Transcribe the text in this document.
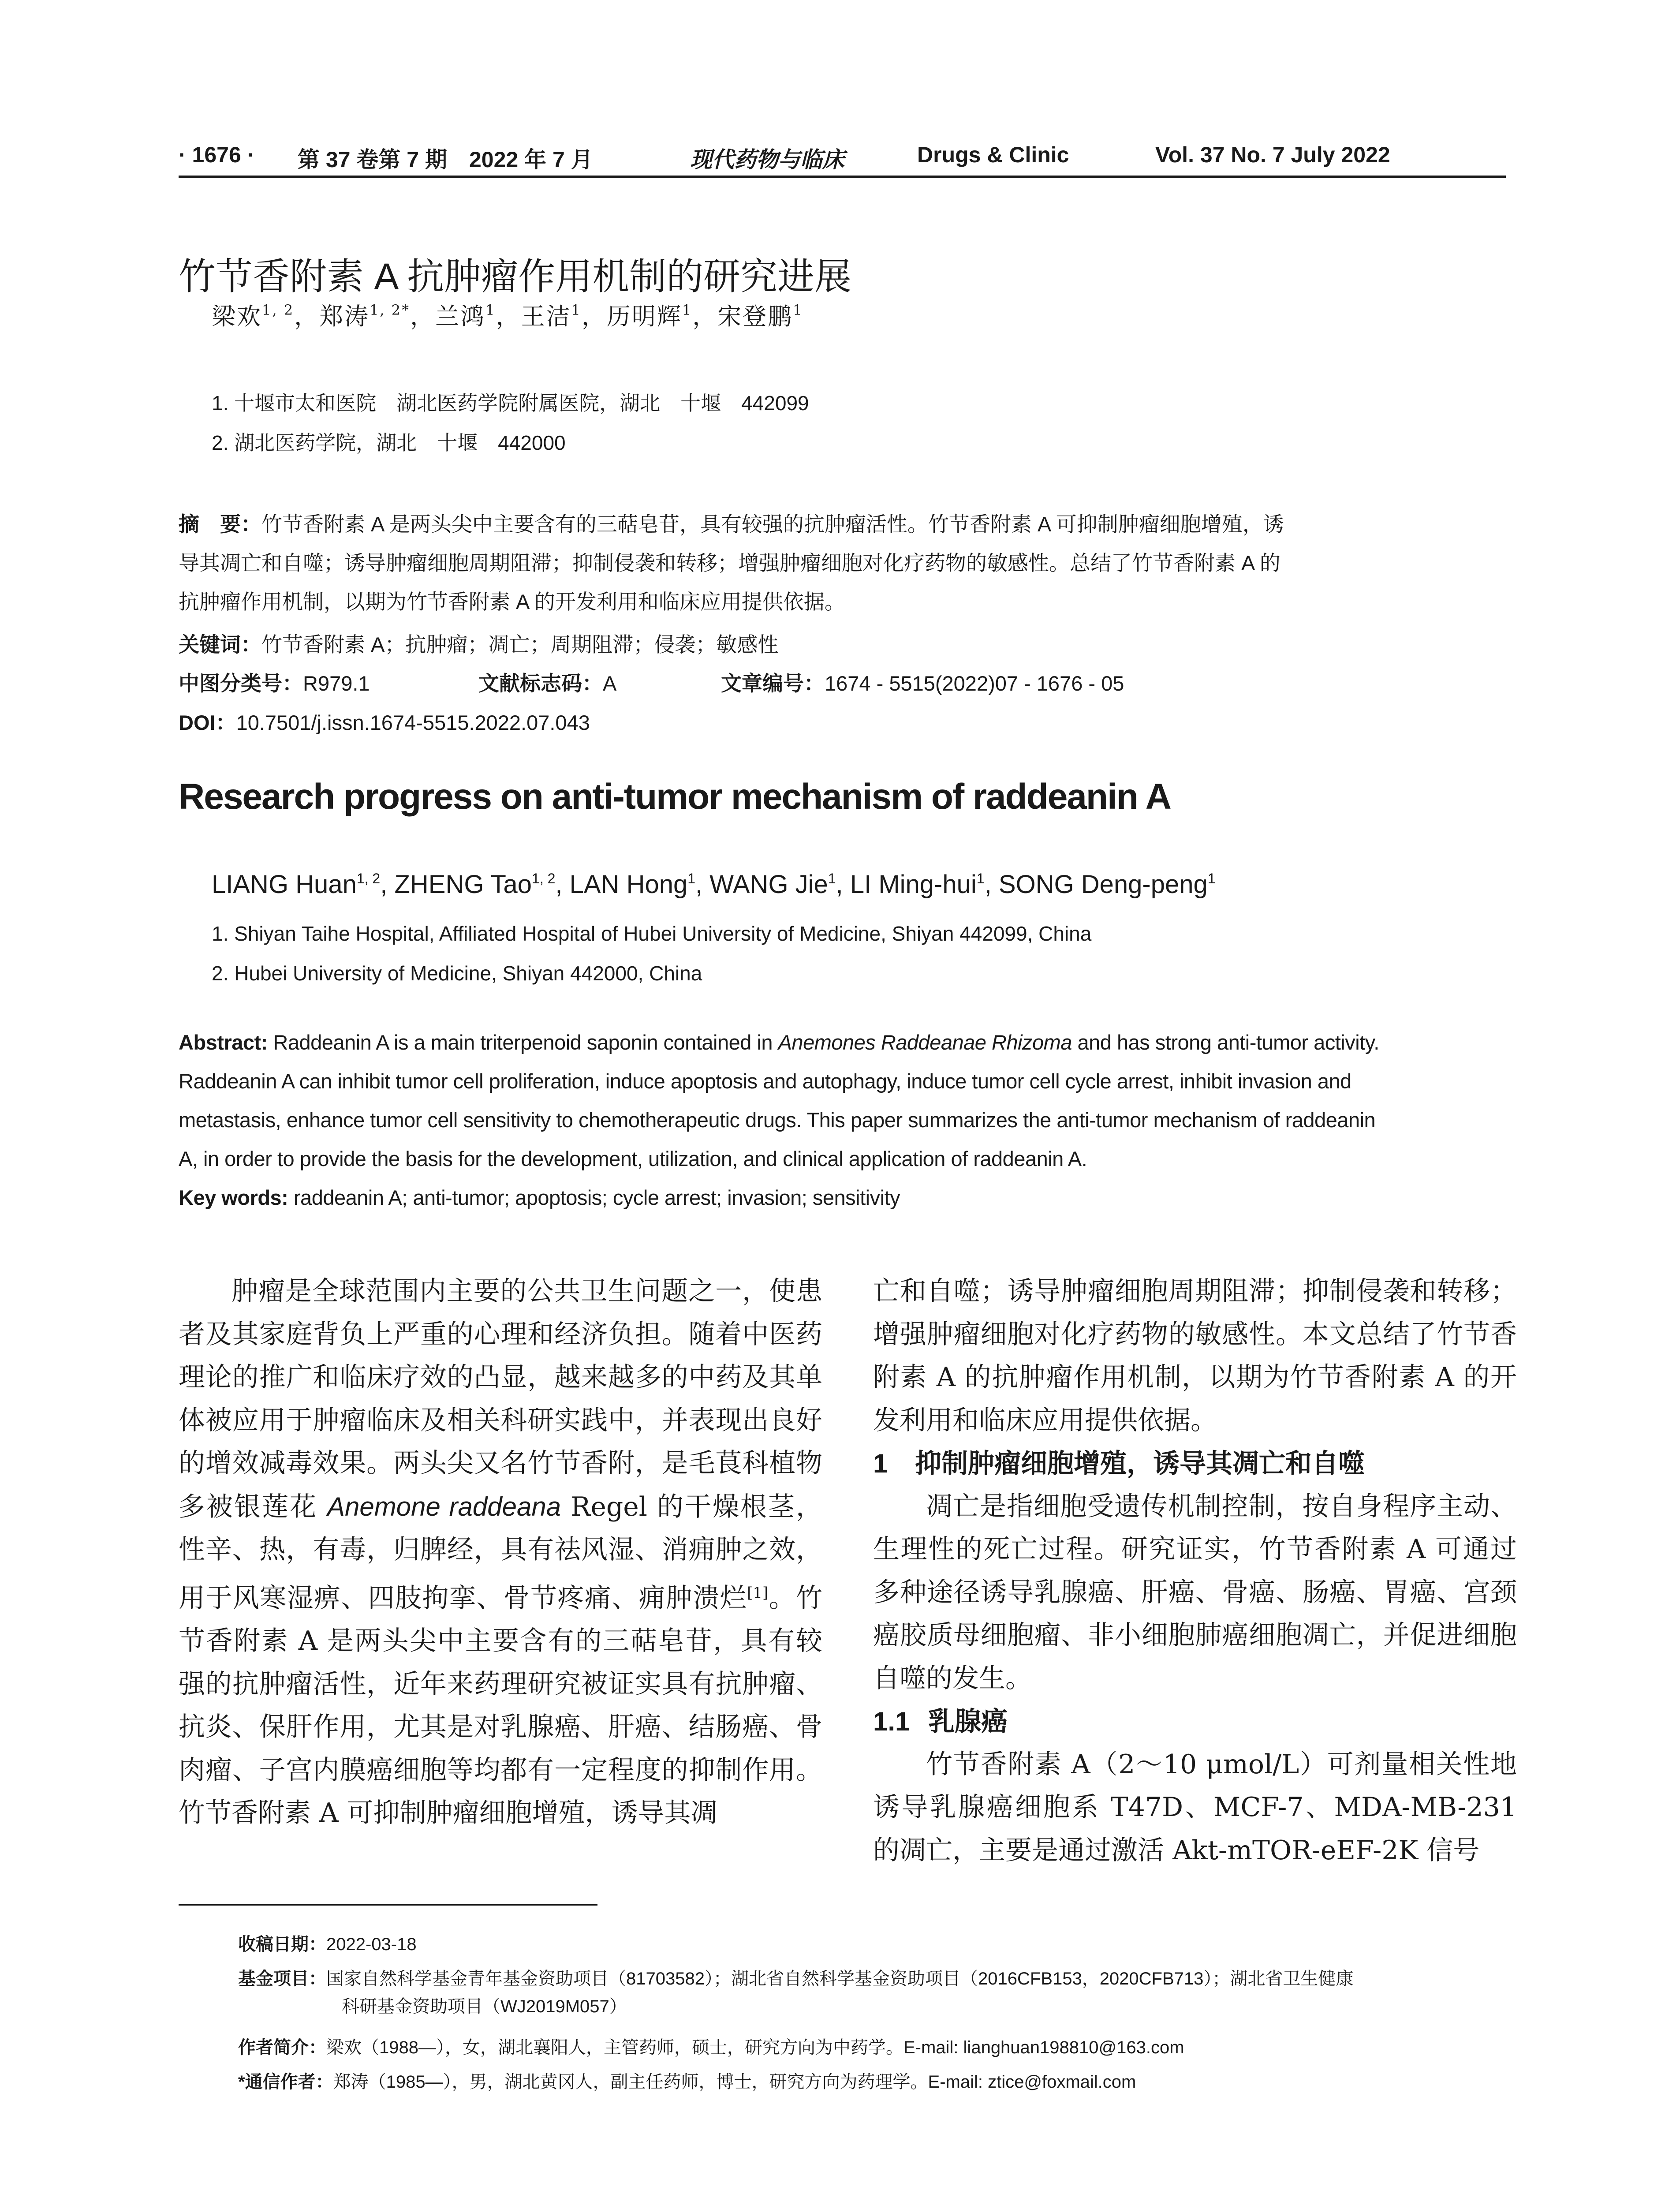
· 1676 · 第 37 卷第 7 期　2022 年 7 月	现代药物与临床	Drugs & Clinic	Vol. 37 No. 7 July 2022
竹节香附素 A 抗肿瘤作用机制的研究进展
梁欢$^{1, 2}$，郑涛$^{1, 2*}$，兰鸿$^1$，王洁$^1$，历明辉$^1$，宋登鹏$^1$
1. 十堰市太和医院　湖北医药学院附属医院，湖北　十堰　442099
2. 湖北医药学院，湖北　十堰　442000
摘　要：竹节香附素 A 是两头尖中主要含有的三萜皂苷，具有较强的抗肿瘤活性。竹节香附素 A 可抑制肿瘤细胞增殖，诱
导其凋亡和自噬；诱导肿瘤细胞周期阻滞；抑制侵袭和转移；增强肿瘤细胞对化疗药物的敏感性。总结了竹节香附素 A 的
抗肿瘤作用机制，以期为竹节香附素 A 的开发利用和临床应用提供依据。
关键词：竹节香附素 A；抗肿瘤；凋亡；周期阻滞；侵袭；敏感性
中图分类号：R979.1	文献标志码：A	文章编号：1674 - 5515(2022)07 - 1676 - 05
DOI：10.7501/j.issn.1674-5515.2022.07.043
Research progress on anti-tumor mechanism of raddeanin A
LIANG Huan$^{1, 2}$, ZHENG Tao$^{1, 2}$, LAN Hong$^1$, WANG Jie$^1$, LI Ming-hui$^1$, SONG Deng-peng$^1$
1. Shiyan Taihe Hospital, Affiliated Hospital of Hubei University of Medicine, Shiyan 442099, China
2. Hubei University of Medicine, Shiyan 442000, China
Abstract: Raddeanin A is a main triterpenoid saponin contained in Anemones Raddeanae Rhizoma and has strong anti-tumor activity.
Raddeanin A can inhibit tumor cell proliferation, induce apoptosis and autophagy, induce tumor cell cycle arrest, inhibit invasion and
metastasis, enhance tumor cell sensitivity to chemotherapeutic drugs. This paper summarizes the anti-tumor mechanism of raddeanin
A, in order to provide the basis for the development, utilization, and clinical application of raddeanin A.
Key words: raddeanin A; anti-tumor; apoptosis; cycle arrest; invasion; sensitivity

肿瘤是全球范围内主要的公共卫生问题之一，使患者及其家庭背负上严重的心理和经济负担。随着中医药理论的推广和临床疗效的凸显，越来越多的中药及其单体被应用于肿瘤临床及相关科研实践中，并表现出良好的增效减毒效果。两头尖又名竹节香附，是毛茛科植物多被银莲花 Anemone raddeana Regel 的干燥根茎，性辛、热，有毒，归脾经，具有祛风湿、消痈肿之效，用于风寒湿痹、四肢拘挛、骨节疼痛、痈肿溃烂[1]。竹节香附素 A 是两头尖中主要含有的三萜皂苷，具有较强的抗肿瘤活性，近年来药理研究被证实具有抗肿瘤、抗炎、保肝作用，尤其是对乳腺癌、肝癌、结肠癌、骨肉瘤、子宫内膜癌细胞等均都有一定程度的抑制作用。竹节香附素 A 可抑制肿瘤细胞增殖，诱导其凋

亡和自噬；诱导肿瘤细胞周期阻滞；抑制侵袭和转移；增强肿瘤细胞对化疗药物的敏感性。本文总结了竹节香附素 A 的抗肿瘤作用机制，以期为竹节香附素 A 的开发利用和临床应用提供依据。

1 抑制肿瘤细胞增殖，诱导其凋亡和自噬

凋亡是指细胞受遗传机制控制，按自身程序主动、生理性的死亡过程。研究证实，竹节香附素 A 可通过多种途径诱导乳腺癌、肝癌、骨癌、肠癌、胃癌、宫颈癌胶质母细胞瘤、非小细胞肺癌细胞凋亡，并促进细胞自噬的发生。

1.1 乳腺癌

竹节香附素 A（2～10 μmol/L）可剂量相关性地诱导乳腺癌细胞系 T47D、MCF-7、MDA-MB-231 的凋亡，主要是通过激活 Akt-mTOR-eEF-2K 信号

收稿日期：2022-03-18
基金项目：国家自然科学基金青年基金资助项目（81703582）；湖北省自然科学基金资助项目（2016CFB153，2020CFB713）；湖北省卫生健康
科研基金资助项目（WJ2019M057）
作者简介：梁欢（1988—），女，湖北襄阳人，主管药师，硕士，研究方向为中药学。E-mail: lianghuan198810@163.com
*通信作者：郑涛（1985—），男，湖北黄冈人，副主任药师，博士，研究方向为药理学。E-mail: ztice@foxmail.com
